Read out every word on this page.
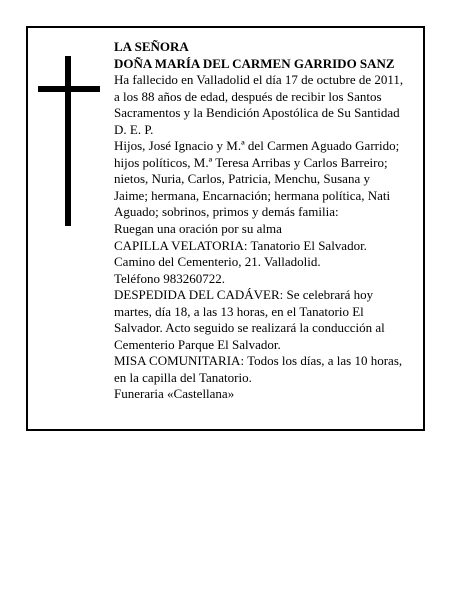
LA SEÑORA
DOÑA MARÍA DEL CARMEN GARRIDO SANZ
Ha fallecido en Valladolid el día 17 de octubre de 2011,
a los 88 años de edad, después de recibir los Santos
Sacramentos y la Bendición Apostólica de Su Santidad
D. E. P.
Hijos, José Ignacio y M.ª del Carmen Aguado Garrido;
hijos políticos, M.ª Teresa Arribas y Carlos Barreiro;
nietos, Nuria, Carlos, Patricia, Menchu, Susana y
Jaime; hermana, Encarnación; hermana política, Nati
Aguado; sobrinos, primos y demás familia:
Ruegan una oración por su alma
CAPILLA VELATORIA: Tanatorio El Salvador.
Camino del Cementerio, 21. Valladolid.
Teléfono 983260722.
DESPEDIDA DEL CADÁVER: Se celebrará hoy
martes, día 18, a las 13 horas, en el Tanatorio El
Salvador. Acto seguido se realizará la conducción al
Cementerio Parque El Salvador.
MISA COMUNITARIA: Todos los días, a las 10 horas,
en la capilla del Tanatorio.
Funeraria «Castellana»
